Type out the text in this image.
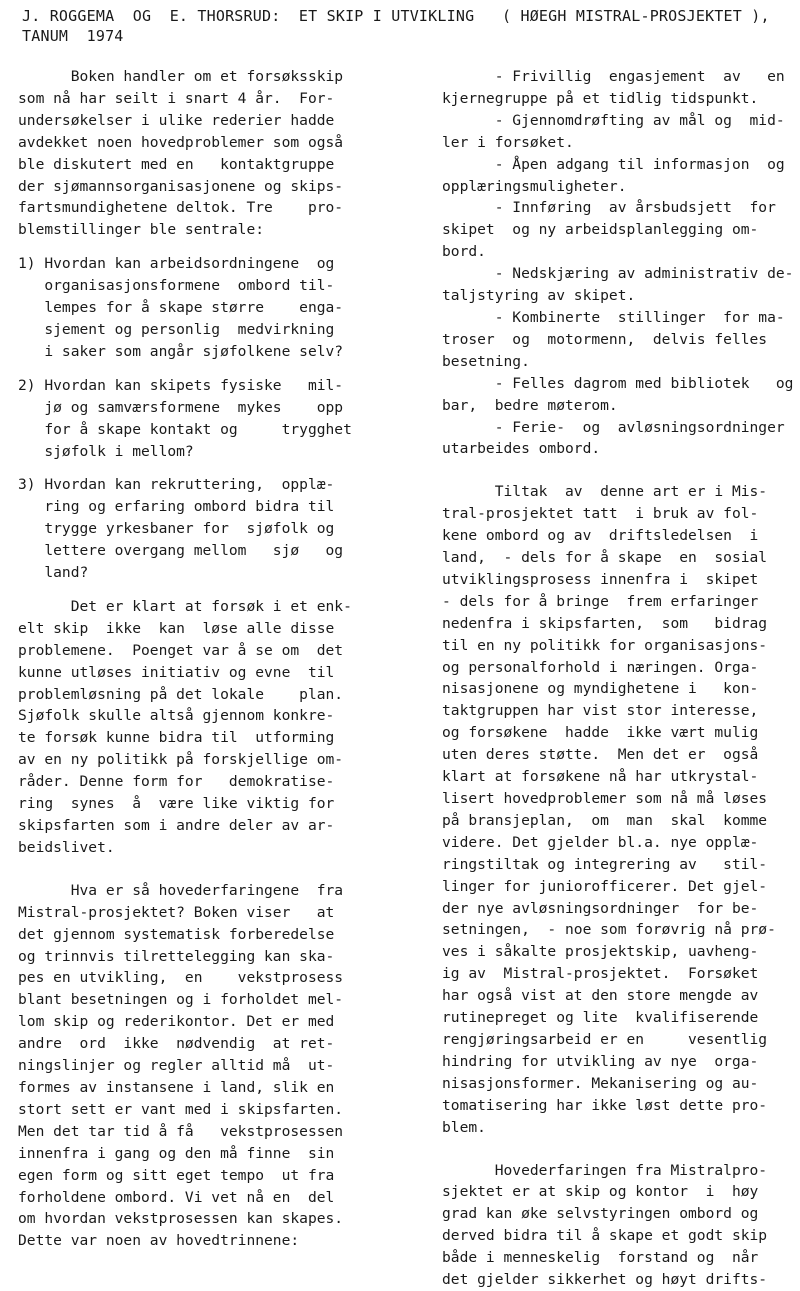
J. ROGGEMA  OG  E. THORSRUD:  ET SKIP I UTVIKLING   ( HØEGH MISTRAL-PROSJEKTET ),
TANUM  1974
Boken handler om et forsøksskip
som nå har seilt i snart 4 år.  For-
undersøkelser i ulike rederier hadde
avdekket noen hovedproblemer som også
ble diskutert med en   kontaktgruppe
der sjømannsorganisasjonene og skips-
fartsmundighetene deltok. Tre    pro-
blemstillinger ble sentrale:
1) Hvordan kan arbeidsordningene  og
organisasjonsformene  ombord til-
lempes for å skape større    enga-
sjement og personlig  medvirkning
i saker som angår sjøfolkene selv?
2) Hvordan kan skipets fysiske   mil-
jø og samværsformene  mykes    opp
for å skape kontakt og     trygghet
sjøfolk i mellom?
3) Hvordan kan rekruttering,  opplæ-
ring og erfaring ombord bidra til
trygge yrkesbaner for  sjøfolk og
lettere overgang mellom   sjø   og
land?
Det er klart at forsøk i et enk-
elt skip  ikke  kan  løse alle disse
problemene.  Poenget var å se om  det
kunne utløses initiativ og evne  til
problemløsning på det lokale    plan.
Sjøfolk skulle altså gjennom konkre-
te forsøk kunne bidra til  utforming
av en ny politikk på forskjellige om-
råder. Denne form for   demokratise-
ring  synes  å  være like viktig for
skipsfarten som i andre deler av ar-
beidslivet.
Hva er så hovederfaringene  fra
Mistral-prosjektet? Boken viser   at
det gjennom systematisk forberedelse
og trinnvis tilrettelegging kan ska-
pes en utvikling,  en    vekstprosess
blant besetningen og i forholdet mel-
lom skip og rederikontor. Det er med
andre  ord  ikke  nødvendig  at ret-
ningslinjer og regler alltid må  ut-
formes av instansene i land, slik en
stort sett er vant med i skipsfarten.
Men det tar tid å få   vekstprosessen
innenfra i gang og den må finne  sin
egen form og sitt eget tempo  ut fra
forholdene ombord. Vi vet nå en  del
om hvordan vekstprosessen kan skapes.
Dette var noen av hovedtrinnene:
- Frivillig  engasjement  av   en
kjernegruppe på et tidlig tidspunkt.
- Gjennomdrøfting av mål og  mid-
ler i forsøket.
- Åpen adgang til informasjon  og
opplæringsmuligheter.
- Innføring  av årsbudsjett  for
skipet  og ny arbeidsplanlegging om-
bord.
- Nedskjæring av administrativ de-
taljstyring av skipet.
- Kombinerte  stillinger  for ma-
troser  og  motormenn,  delvis felles
besetning.
- Felles dagrom med bibliotek   og
bar,  bedre møterom.
- Ferie-  og  avløsningsordninger
utarbeides ombord.
Tiltak  av  denne art er i Mis-
tral-prosjektet tatt  i bruk av fol-
kene ombord og av  driftsledelsen  i
land,  - dels for å skape  en  sosial
utviklingsprosess innenfra i  skipet
- dels for å bringe  frem erfaringer
nedenfra i skipsfarten,  som   bidrag
til en ny politikk for organisasjons-
og personalforhold i næringen. Orga-
nisasjonene og myndighetene i   kon-
taktgruppen har vist stor interesse,
og forsøkene  hadde  ikke vært mulig
uten deres støtte.  Men det er  også
klart at forsøkene nå har utkrystal-
lisert hovedproblemer som nå må løses
på bransjeplan,  om  man  skal  komme
videre. Det gjelder bl.a. nye opplæ-
ringstiltak og integrering av   stil-
linger for juniorofficerer. Det gjel-
der nye avløsningsordninger  for be-
setningen,  - noe som forøvrig nå prø-
ves i såkalte prosjektskip, uavheng-
ig av  Mistral-prosjektet.  Forsøket
har også vist at den store mengde av
rutinepreget og lite  kvalifiserende
rengjøringsarbeid er en     vesentlig
hindring for utvikling av nye  orga-
nisasjonsformer. Mekanisering og au-
tomatisering har ikke løst dette pro-
blem.
Hovederfaringen fra Mistralpro-
sjektet er at skip og kontor  i  høy
grad kan øke selvstyringen ombord og
derved bidra til å skape et godt skip
både i menneskelig  forstand og  når
det gjelder sikkerhet og høyt drifts-
